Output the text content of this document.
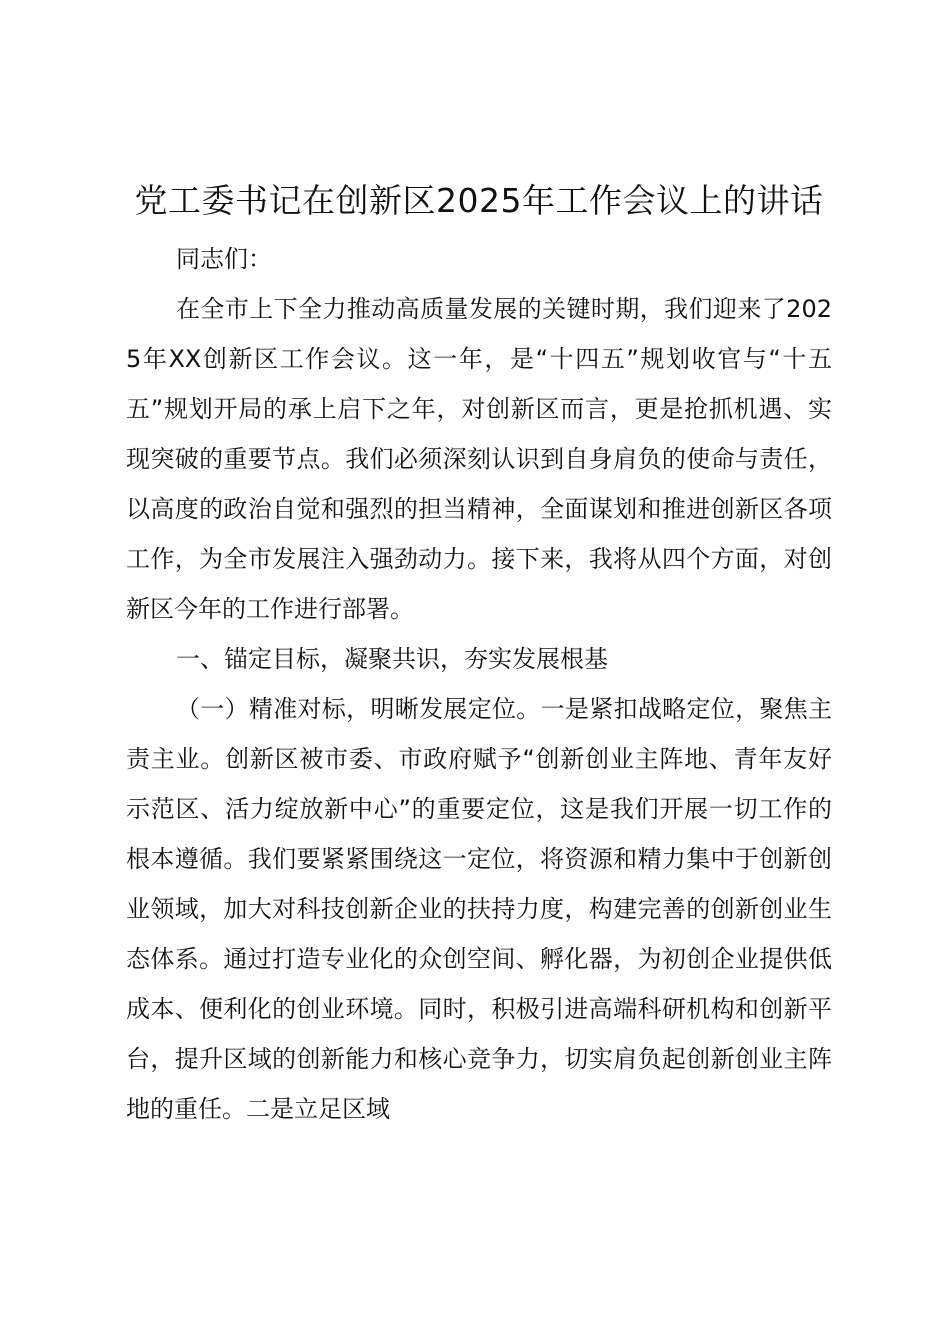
党工委书记在创新区2025年工作会议上的讲话

同志们：

在全市上下全力推动高质量发展的关键时期，我们迎来了2025年XX创新区工作会议。这一年，是“十四五”规划收官与“十五五”规划开局的承上启下之年，对创新区而言，更是抢抓机遇、实现突破的重要节点。我们必须深刻认识到自身肩负的使命与责任，以高度的政治自觉和强烈的担当精神，全面谋划和推进创新区各项工作，为全市发展注入强劲动力。接下来，我将从四个方面，对创新区今年的工作进行部署。

一、锚定目标，凝聚共识，夯实发展根基

（一）精准对标，明晰发展定位。一是紧扣战略定位，聚焦主责主业。创新区被市委、市政府赋予“创新创业主阵地、青年友好示范区、活力绽放新中心”的重要定位，这是我们开展一切工作的根本遵循。我们要紧紧围绕这一定位，将资源和精力集中于创新创业领域，加大对科技创新企业的扶持力度，构建完善的创新创业生态体系。通过打造专业化的众创空间、孵化器，为初创企业提供低成本、便利化的创业环境。同时，积极引进高端科研机构和创新平台，提升区域的创新能力和核心竞争力，切实肩负起创新创业主阵地的重任。二是立足区域
